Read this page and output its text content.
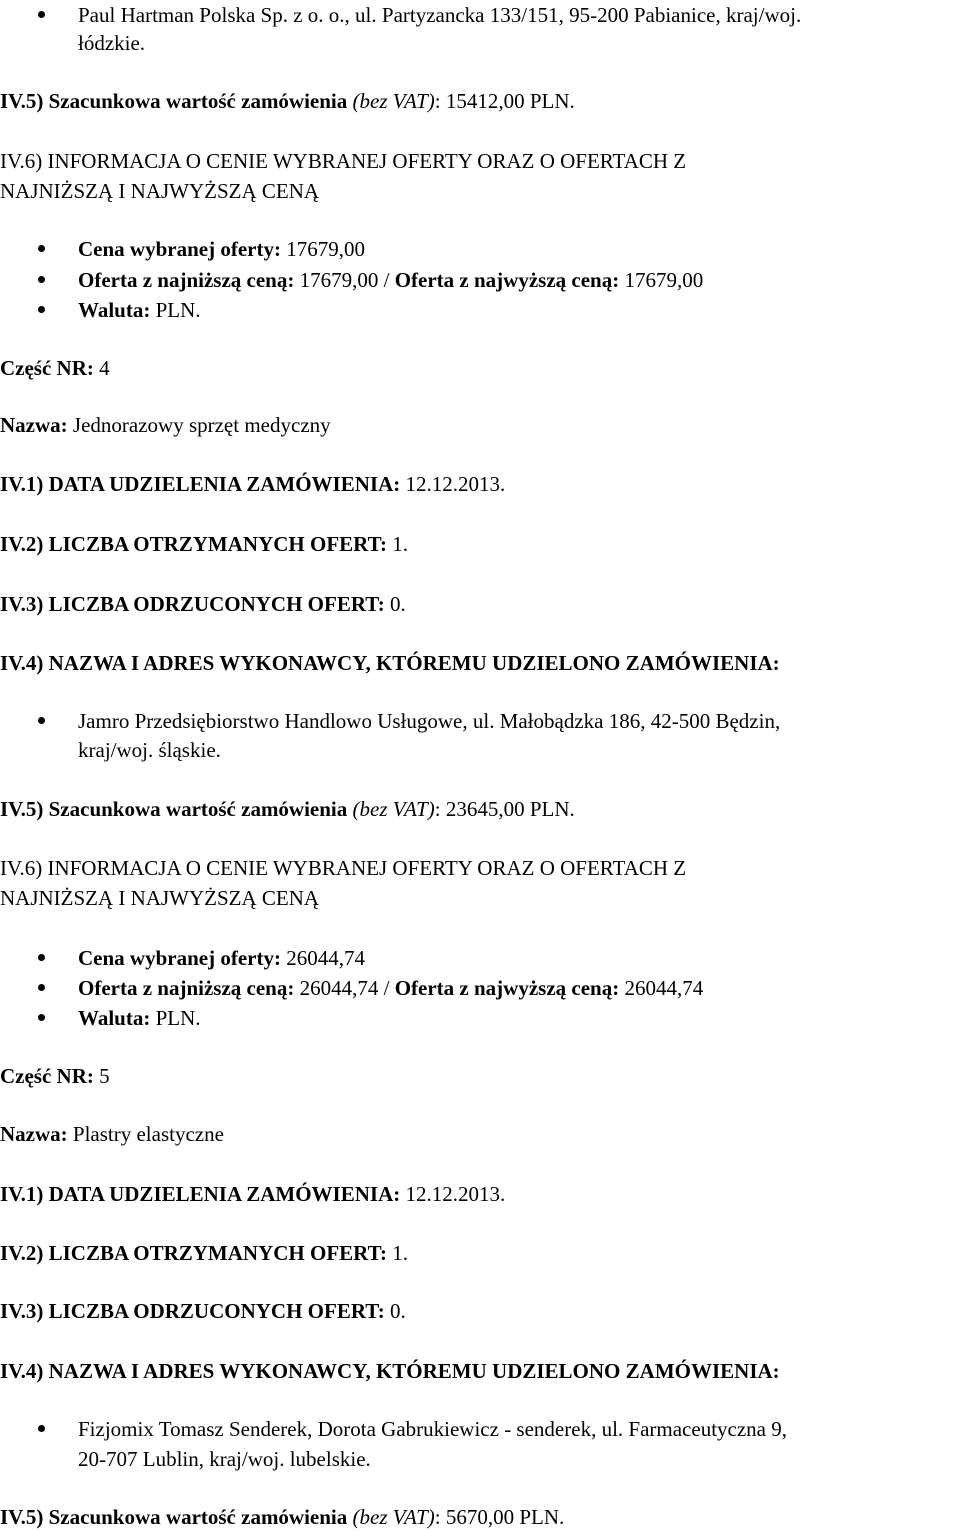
Paul Hartman Polska Sp. z o. o., ul. Partyzancka 133/151, 95-200 Pabianice, kraj/woj.
łódzkie.
IV.5) Szacunkowa wartość zamówienia (bez VAT): 15412,00 PLN.
IV.6) INFORMACJA O CENIE WYBRANEJ OFERTY ORAZ O OFERTACH Z
NAJNIŻSZĄ I NAJWYŻSZĄ CENĄ
Cena wybranej oferty: 17679,00
Oferta z najniższą ceną: 17679,00 / Oferta z najwyższą ceną: 17679,00
Waluta: PLN.
Część NR: 4
Nazwa: Jednorazowy sprzęt medyczny
IV.1) DATA UDZIELENIA ZAMÓWIENIA: 12.12.2013.
IV.2) LICZBA OTRZYMANYCH OFERT: 1.
IV.3) LICZBA ODRZUCONYCH OFERT: 0.
IV.4) NAZWA I ADRES WYKONAWCY, KTÓREMU UDZIELONO ZAMÓWIENIA:
Jamro Przedsiębiorstwo Handlowo Usługowe, ul. Małobądzka 186, 42-500 Będzin,
kraj/woj. śląskie.
IV.5) Szacunkowa wartość zamówienia (bez VAT): 23645,00 PLN.
IV.6) INFORMACJA O CENIE WYBRANEJ OFERTY ORAZ O OFERTACH Z
NAJNIŻSZĄ I NAJWYŻSZĄ CENĄ
Cena wybranej oferty: 26044,74
Oferta z najniższą ceną: 26044,74 / Oferta z najwyższą ceną: 26044,74
Waluta: PLN.
Część NR: 5
Nazwa: Plastry elastyczne
IV.1) DATA UDZIELENIA ZAMÓWIENIA: 12.12.2013.
IV.2) LICZBA OTRZYMANYCH OFERT: 1.
IV.3) LICZBA ODRZUCONYCH OFERT: 0.
IV.4) NAZWA I ADRES WYKONAWCY, KTÓREMU UDZIELONO ZAMÓWIENIA:
Fizjomix Tomasz Senderek, Dorota Gabrukiewicz - senderek, ul. Farmaceutyczna 9,
20-707 Lublin, kraj/woj. lubelskie.
IV.5) Szacunkowa wartość zamówienia (bez VAT): 5670,00 PLN.
